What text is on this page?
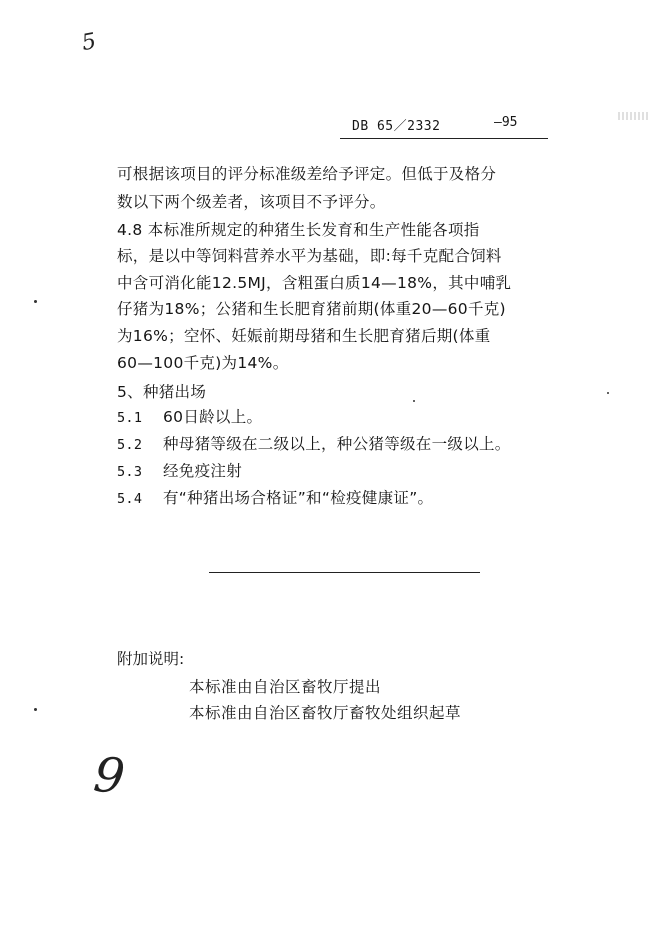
5
DB 65／2332	—95
可根据该项目的评分标准级差给予评定。但低于及格分
数以下两个级差者，该项目不予评分。
4.8 本标准所规定的种猪生长发育和生产性能各项指
标，是以中等饲料营养水平为基础，即:每千克配合饲料
中含可消化能12.5MJ，含粗蛋白质14—18%，其中哺乳
仔猪为18%；公猪和生长肥育猪前期(体重20—60千克)
为16%；空怀、妊娠前期母猪和生长肥育猪后期(体重
60—100千克)为14%。
5、种猪出场
5.1 60日龄以上。
5.2 种母猪等级在二级以上，种公猪等级在一级以上。
5.3 经免疫注射
5.4 有“种猪出场合格证”和“检疫健康证”。
附加说明:
本标准由自治区畜牧厅提出
本标准由自治区畜牧厅畜牧处组织起草
9
